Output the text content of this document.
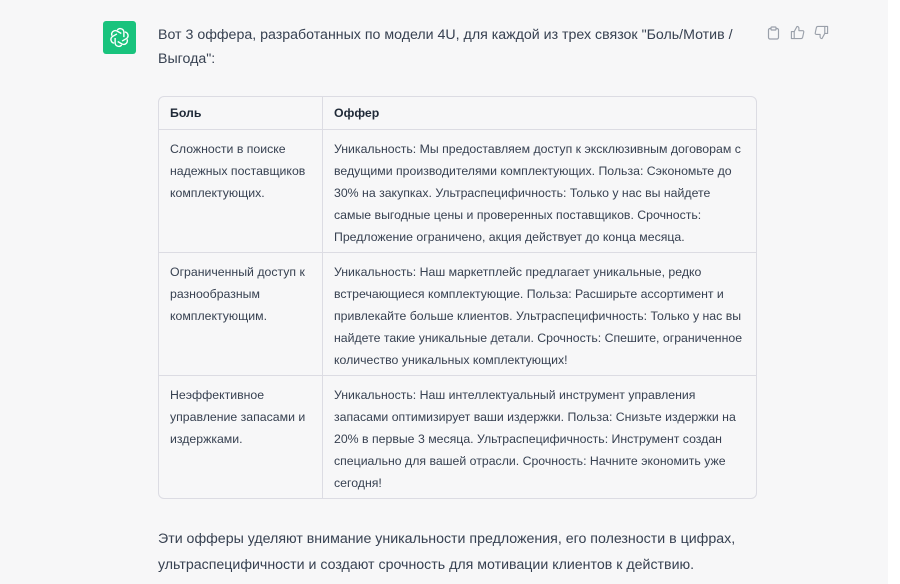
Вот 3 оффера, разработанных по модели 4U, для каждой из трех связок "Боль/Мотив /Выгода":

Боль	Оффер
Сложности в поиске надежных поставщиков комплектующих.	Уникальность: Мы предоставляем доступ к эксклюзивным договорам с ведущими производителями комплектующих. Польза: Сэкономьте до 30% на закупках. Ультраспецифичность: Только у нас вы найдете самые выгодные цены и проверенных поставщиков. Срочность: Предложение ограничено, акция действует до конца месяца.
Ограниченный доступ к разнообразным комплектующим.	Уникальность: Наш маркетплейс предлагает уникальные, редко встречающиеся комплектующие. Польза: Расширьте ассортимент и привлекайте больше клиентов. Ультраспецифичность: Только у нас вы найдете такие уникальные детали. Срочность: Спешите, ограниченное количество уникальных комплектующих!
Неэффективное управление запасами и издержками.	Уникальность: Наш интеллектуальный инструмент управления запасами оптимизирует ваши издержки. Польза: Снизьте издержки на 20% в первые 3 месяца. Ультраспецифичность: Инструмент создан специально для вашей отрасли. Срочность: Начните экономить уже сегодня!

Эти офферы уделяют внимание уникальности предложения, его полезности в цифрах, ультраспецифичности и создают срочность для мотивации клиентов к действию.
